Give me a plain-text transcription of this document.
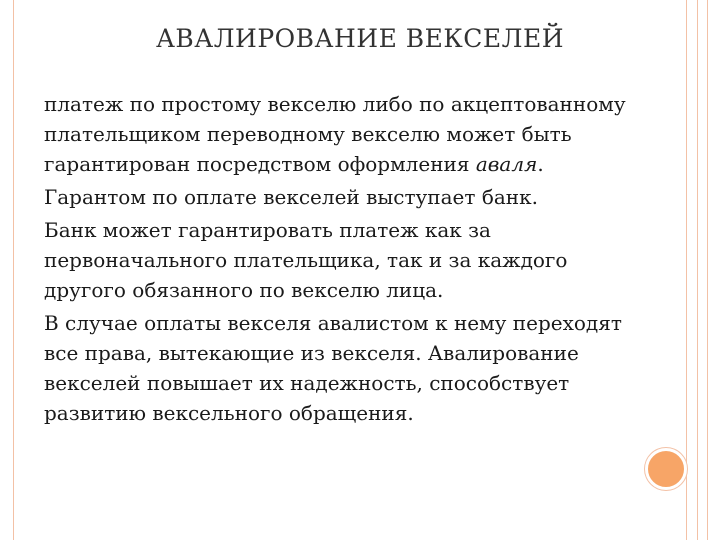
АВАЛИРОВАНИЕ ВЕКСЕЛЕЙ

платеж по простому векселю либо по акцептованному плательщиком переводному векселю может быть гарантирован посредством оформления аваля.

Гарантом по оплате векселей выступает банк.

Банк может гарантировать платеж как за первоначального плательщика, так и за каждого другого обязанного по векселю лица.

В случае оплаты векселя авалистом к нему переходят все права, вытекающие из векселя. Авалирование векселей повышает их надежность, способствует развитию вексельного обращения.
